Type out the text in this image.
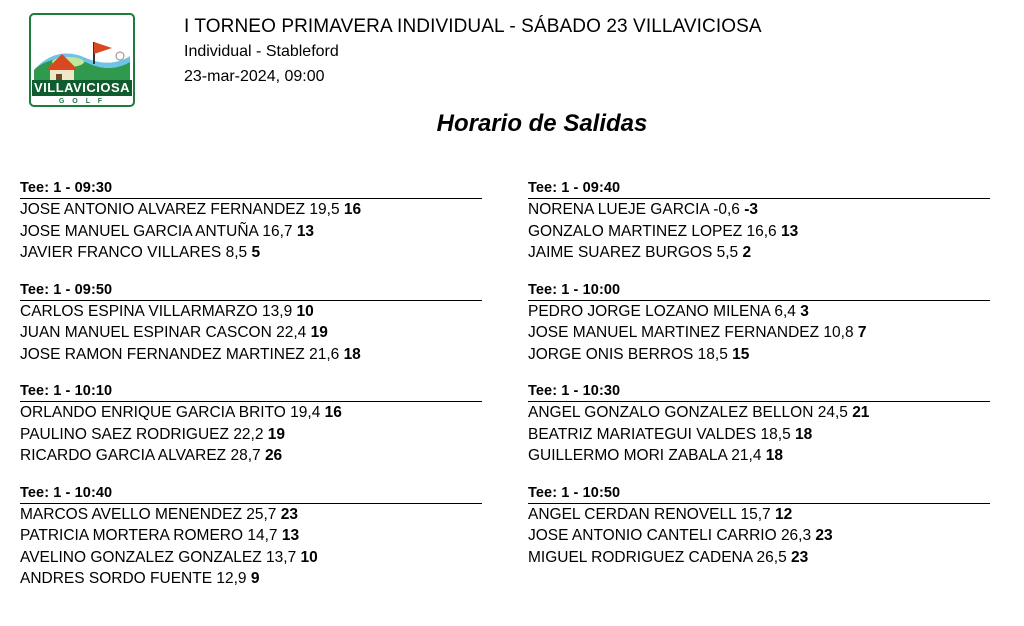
VILLAVICIOSA
G O L F
I TORNEO PRIMAVERA INDIVIDUAL - SÁBADO 23 VILLAVICIOSA
Individual - Stableford
23-mar-2024, 09:00
Horario de Salidas
Tee: 1 - 09:30
JOSE ANTONIO ALVAREZ FERNANDEZ 19,5 16
JOSE MANUEL GARCIA ANTUÑA 16,7 13
JAVIER FRANCO VILLARES 8,5 5
Tee: 1 - 09:50
CARLOS ESPINA VILLARMARZO 13,9 10
JUAN MANUEL ESPINAR CASCON 22,4 19
JOSE RAMON FERNANDEZ MARTINEZ 21,6 18
Tee: 1 - 10:10
ORLANDO ENRIQUE GARCIA BRITO 19,4 16
PAULINO SAEZ RODRIGUEZ 22,2 19
RICARDO GARCIA ALVAREZ 28,7 26
Tee: 1 - 10:40
MARCOS AVELLO MENENDEZ 25,7 23
PATRICIA MORTERA ROMERO 14,7 13
AVELINO GONZALEZ GONZALEZ 13,7 10
ANDRES SORDO FUENTE 12,9 9
Tee: 1 - 09:40
NORENA LUEJE GARCIA -0,6 -3
GONZALO MARTINEZ LOPEZ 16,6 13
JAIME SUAREZ BURGOS 5,5 2
Tee: 1 - 10:00
PEDRO JORGE LOZANO MILENA 6,4 3
JOSE MANUEL MARTINEZ FERNANDEZ 10,8 7
JORGE ONIS BERROS 18,5 15
Tee: 1 - 10:30
ANGEL GONZALO GONZALEZ BELLON 24,5 21
BEATRIZ MARIATEGUI VALDES 18,5 18
GUILLERMO MORI ZABALA 21,4 18
Tee: 1 - 10:50
ANGEL CERDAN RENOVELL 15,7 12
JOSE ANTONIO CANTELI CARRIO 26,3 23
MIGUEL RODRIGUEZ CADENA 26,5 23
